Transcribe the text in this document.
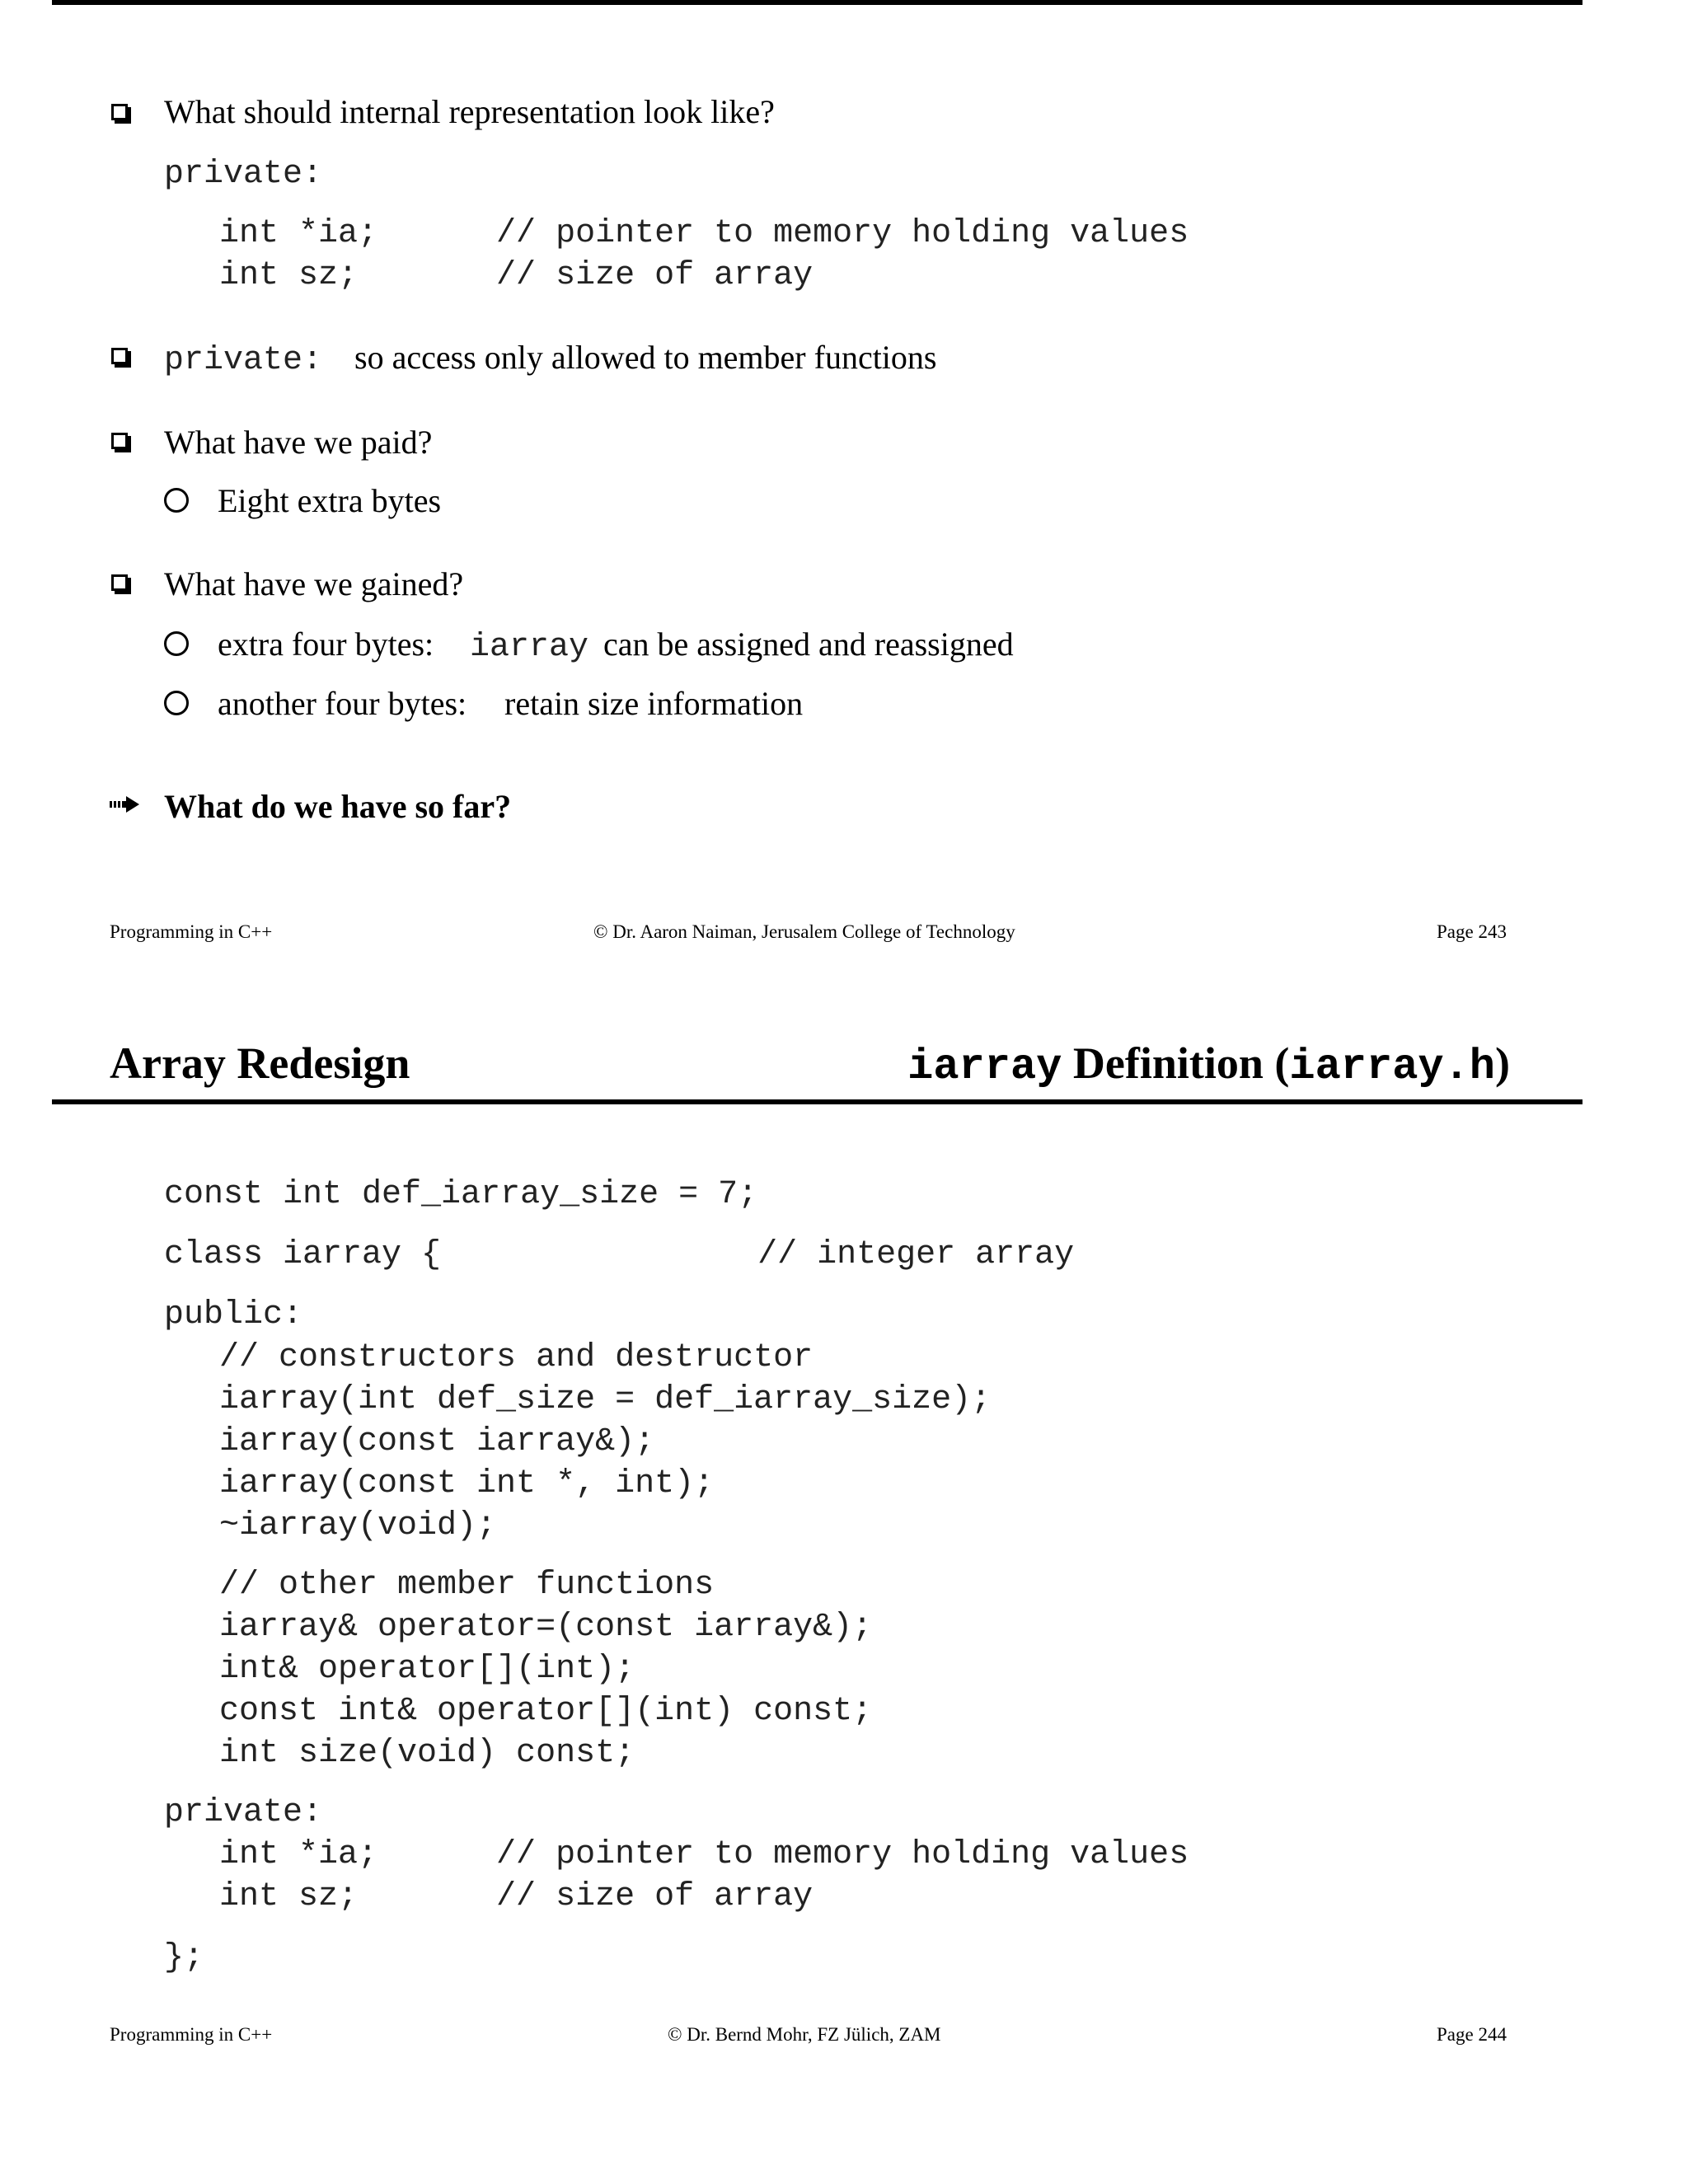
What should internal representation look like?
private:
int *ia;      // pointer to memory holding values
int sz;       // size of array
private: so access only allowed to member functions
What have we paid?
Eight extra bytes
What have we gained?
extra four bytes: iarray can be assigned and reassigned
another four bytes: retain size information
What do we have so far?
Programming in C++	© Dr. Aaron Naiman, Jerusalem College of Technology	Page 243
Array Redesign	iarray Definition (iarray.h)
const int def_iarray_size = 7;
class iarray {                // integer array
public:
// constructors and destructor
iarray(int def_size = def_iarray_size);
iarray(const iarray&);
iarray(const int *, int);
~iarray(void);
// other member functions
iarray& operator=(const iarray&);
int& operator[](int);
const int& operator[](int) const;
int size(void) const;
private:
int *ia;      // pointer to memory holding values
int sz;       // size of array
};
Programming in C++	© Dr. Bernd Mohr, FZ Jülich, ZAM	Page 244
